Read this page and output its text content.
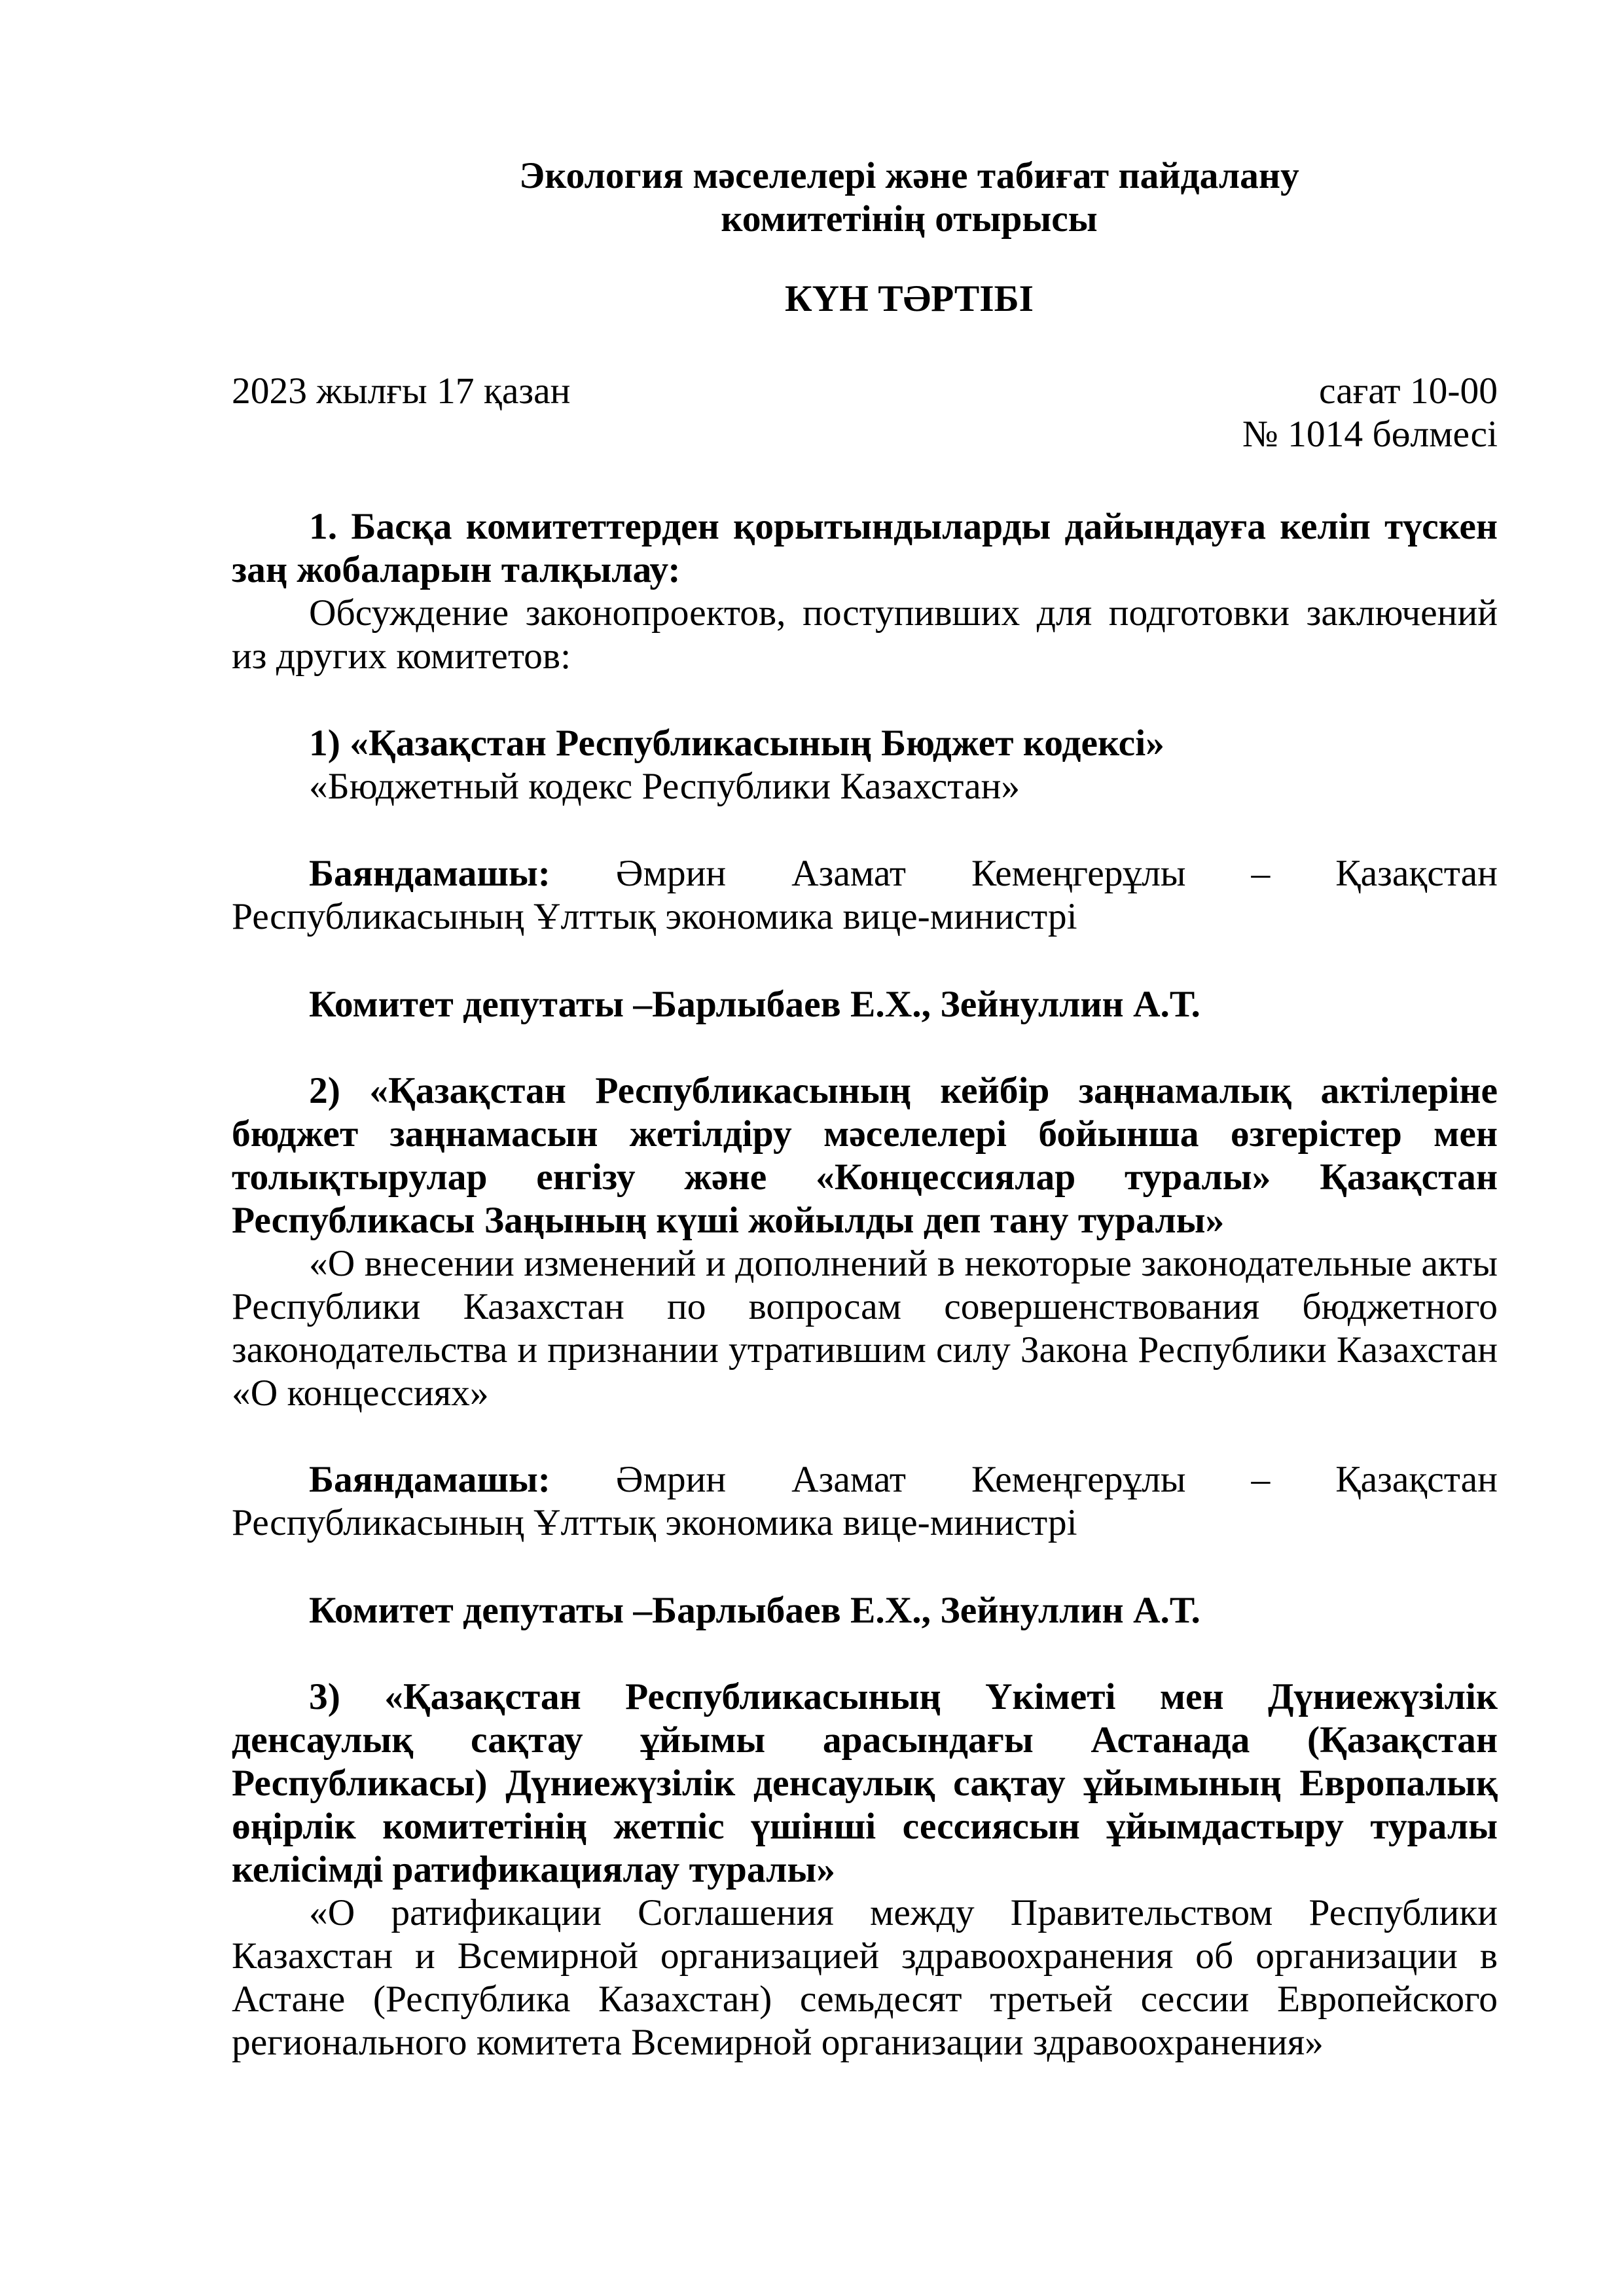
Экология мәселелері және табиғат пайдалану
комитетінің отырысы
КҮН ТӘРТІБІ
2023 жылғы 17 қазан	сағат 10-00
№ 1014 бөлмесі

1. Басқа комитеттерден қорытындыларды дайындауға келіп түскен заң жобаларын талқылау:

Обсуждение законопроектов, поступивших для подготовки заключений из других комитетов:

1) «Қазақстан Республикасының Бюджет кодексі»

«Бюджетный кодекс Республики Казахстан»

Баяндамашы: Әмрин Азамат Кемеңгерұлы – Қазақстан

Республикасының Ұлттық экономика вице-министрі

Комитет депутаты –Барлыбаев Е.Х., Зейнуллин А.Т.

2) «Қазақстан Республикасының кейбір заңнамалық актілеріне бюджет заңнамасын жетілдіру мәселелері бойынша өзгерістер мен толықтырулар енгізу және «Концессиялар туралы» Қазақстан Республикасы Заңының күші жойылды деп тану туралы»

«О внесении изменений и дополнений в некоторые законодательные акты Республики Казахстан по вопросам совершенствования бюджетного законодательства и признании утратившим силу Закона Республики Казахстан «О концессиях»

Баяндамашы: Әмрин Азамат Кемеңгерұлы – Қазақстан

Республикасының Ұлттық экономика вице-министрі

Комитет депутаты –Барлыбаев Е.Х., Зейнуллин А.Т.

3) «Қазақстан Республикасының Үкіметі мен Дүниежүзілік денсаулық сақтау ұйымы арасындағы Астанада (Қазақстан Республикасы) Дүниежүзілік денсаулық сақтау ұйымының Европалық өңірлік комитетінің жетпіс үшінші сессиясын ұйымдастыру туралы келісімді ратификациялау туралы»

«О ратификации Соглашения между Правительством Республики Казахстан и Всемирной организацией здравоохранения об организации в Астане (Республика Казахстан) семьдесят третьей сессии Европейского регионального комитета Всемирной организации здравоохранения»
